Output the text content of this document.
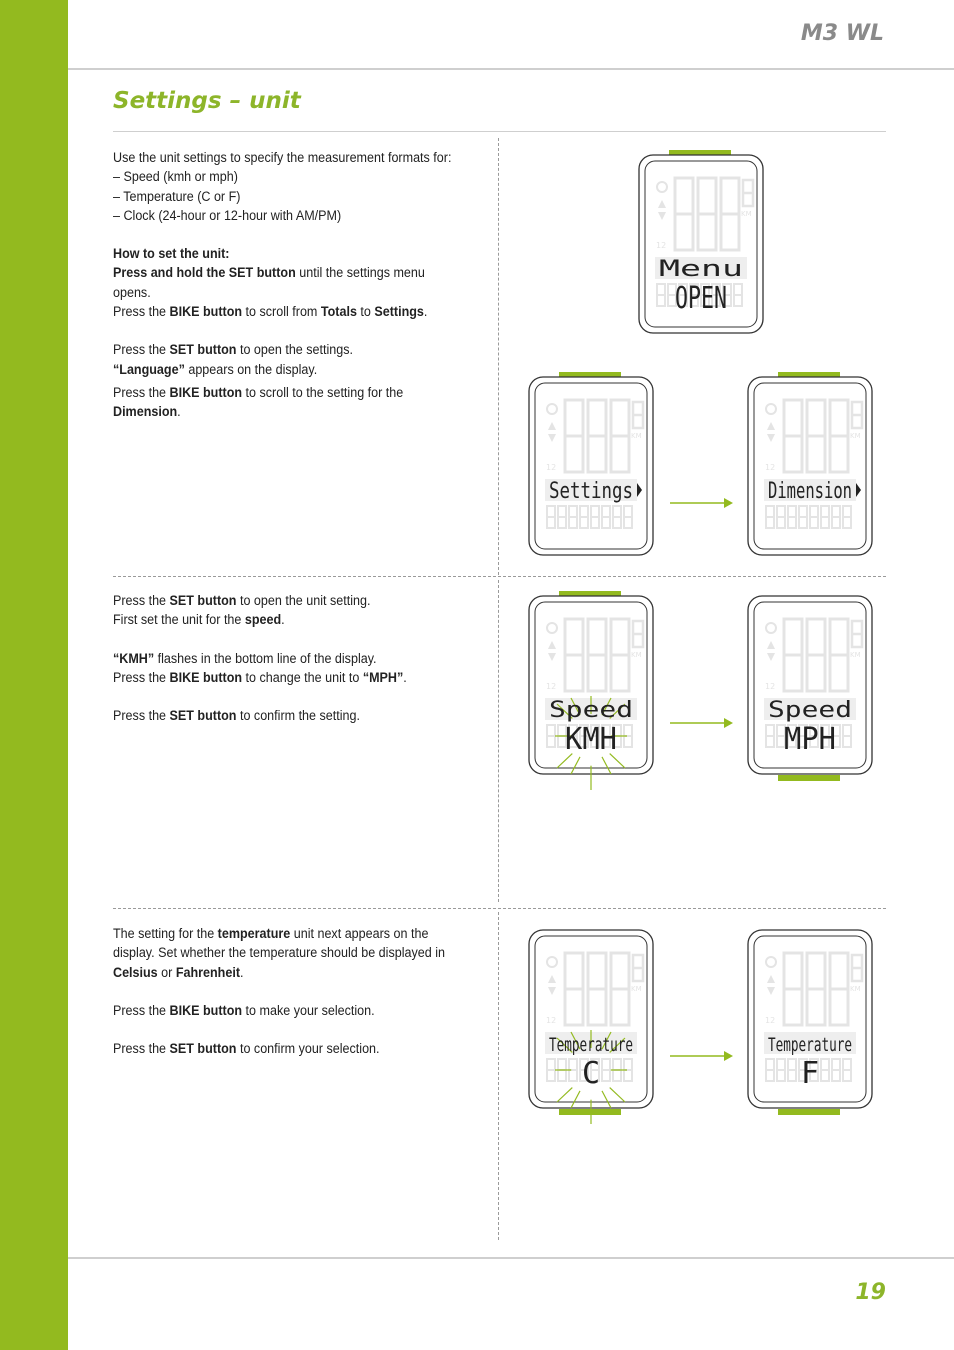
M3 WL
Settings – unit

Use the unit settings to specify the measurement formats for:

– Speed (kmh or mph)

– Temperature (C or F)

– Clock (24-hour or 12-hour with AM/PM)

How to set the unit:

Press and hold the SET button until the settings menu opens.

Press the BIKE button to scroll from Totals to Settings.

Press the SET button to open the settings.

“Language” appears on the display.

Press the BIKE button to scroll to the setting for the Dimension.

Press the SET button to open the unit setting.

First set the unit for the speed.

“KMH” flashes in the bottom line of the display.

Press the BIKE button to change the unit to “MPH”.

Press the SET button to confirm the setting.

The setting for the temperature unit next appears on the display. Set whether the temperature should be displayed in Celsius or Fahrenheit.

Press the BIKE button to make your selection.

Press the SET button to confirm your selection.

12
KM
Menu
OPEN
12
KM
Settings
12
KM
Dimension
12
KM
Speed
KMH
12
KM
Speed
MPH
12
KM
Temperature
C
12
KM
Temperature
F
19
